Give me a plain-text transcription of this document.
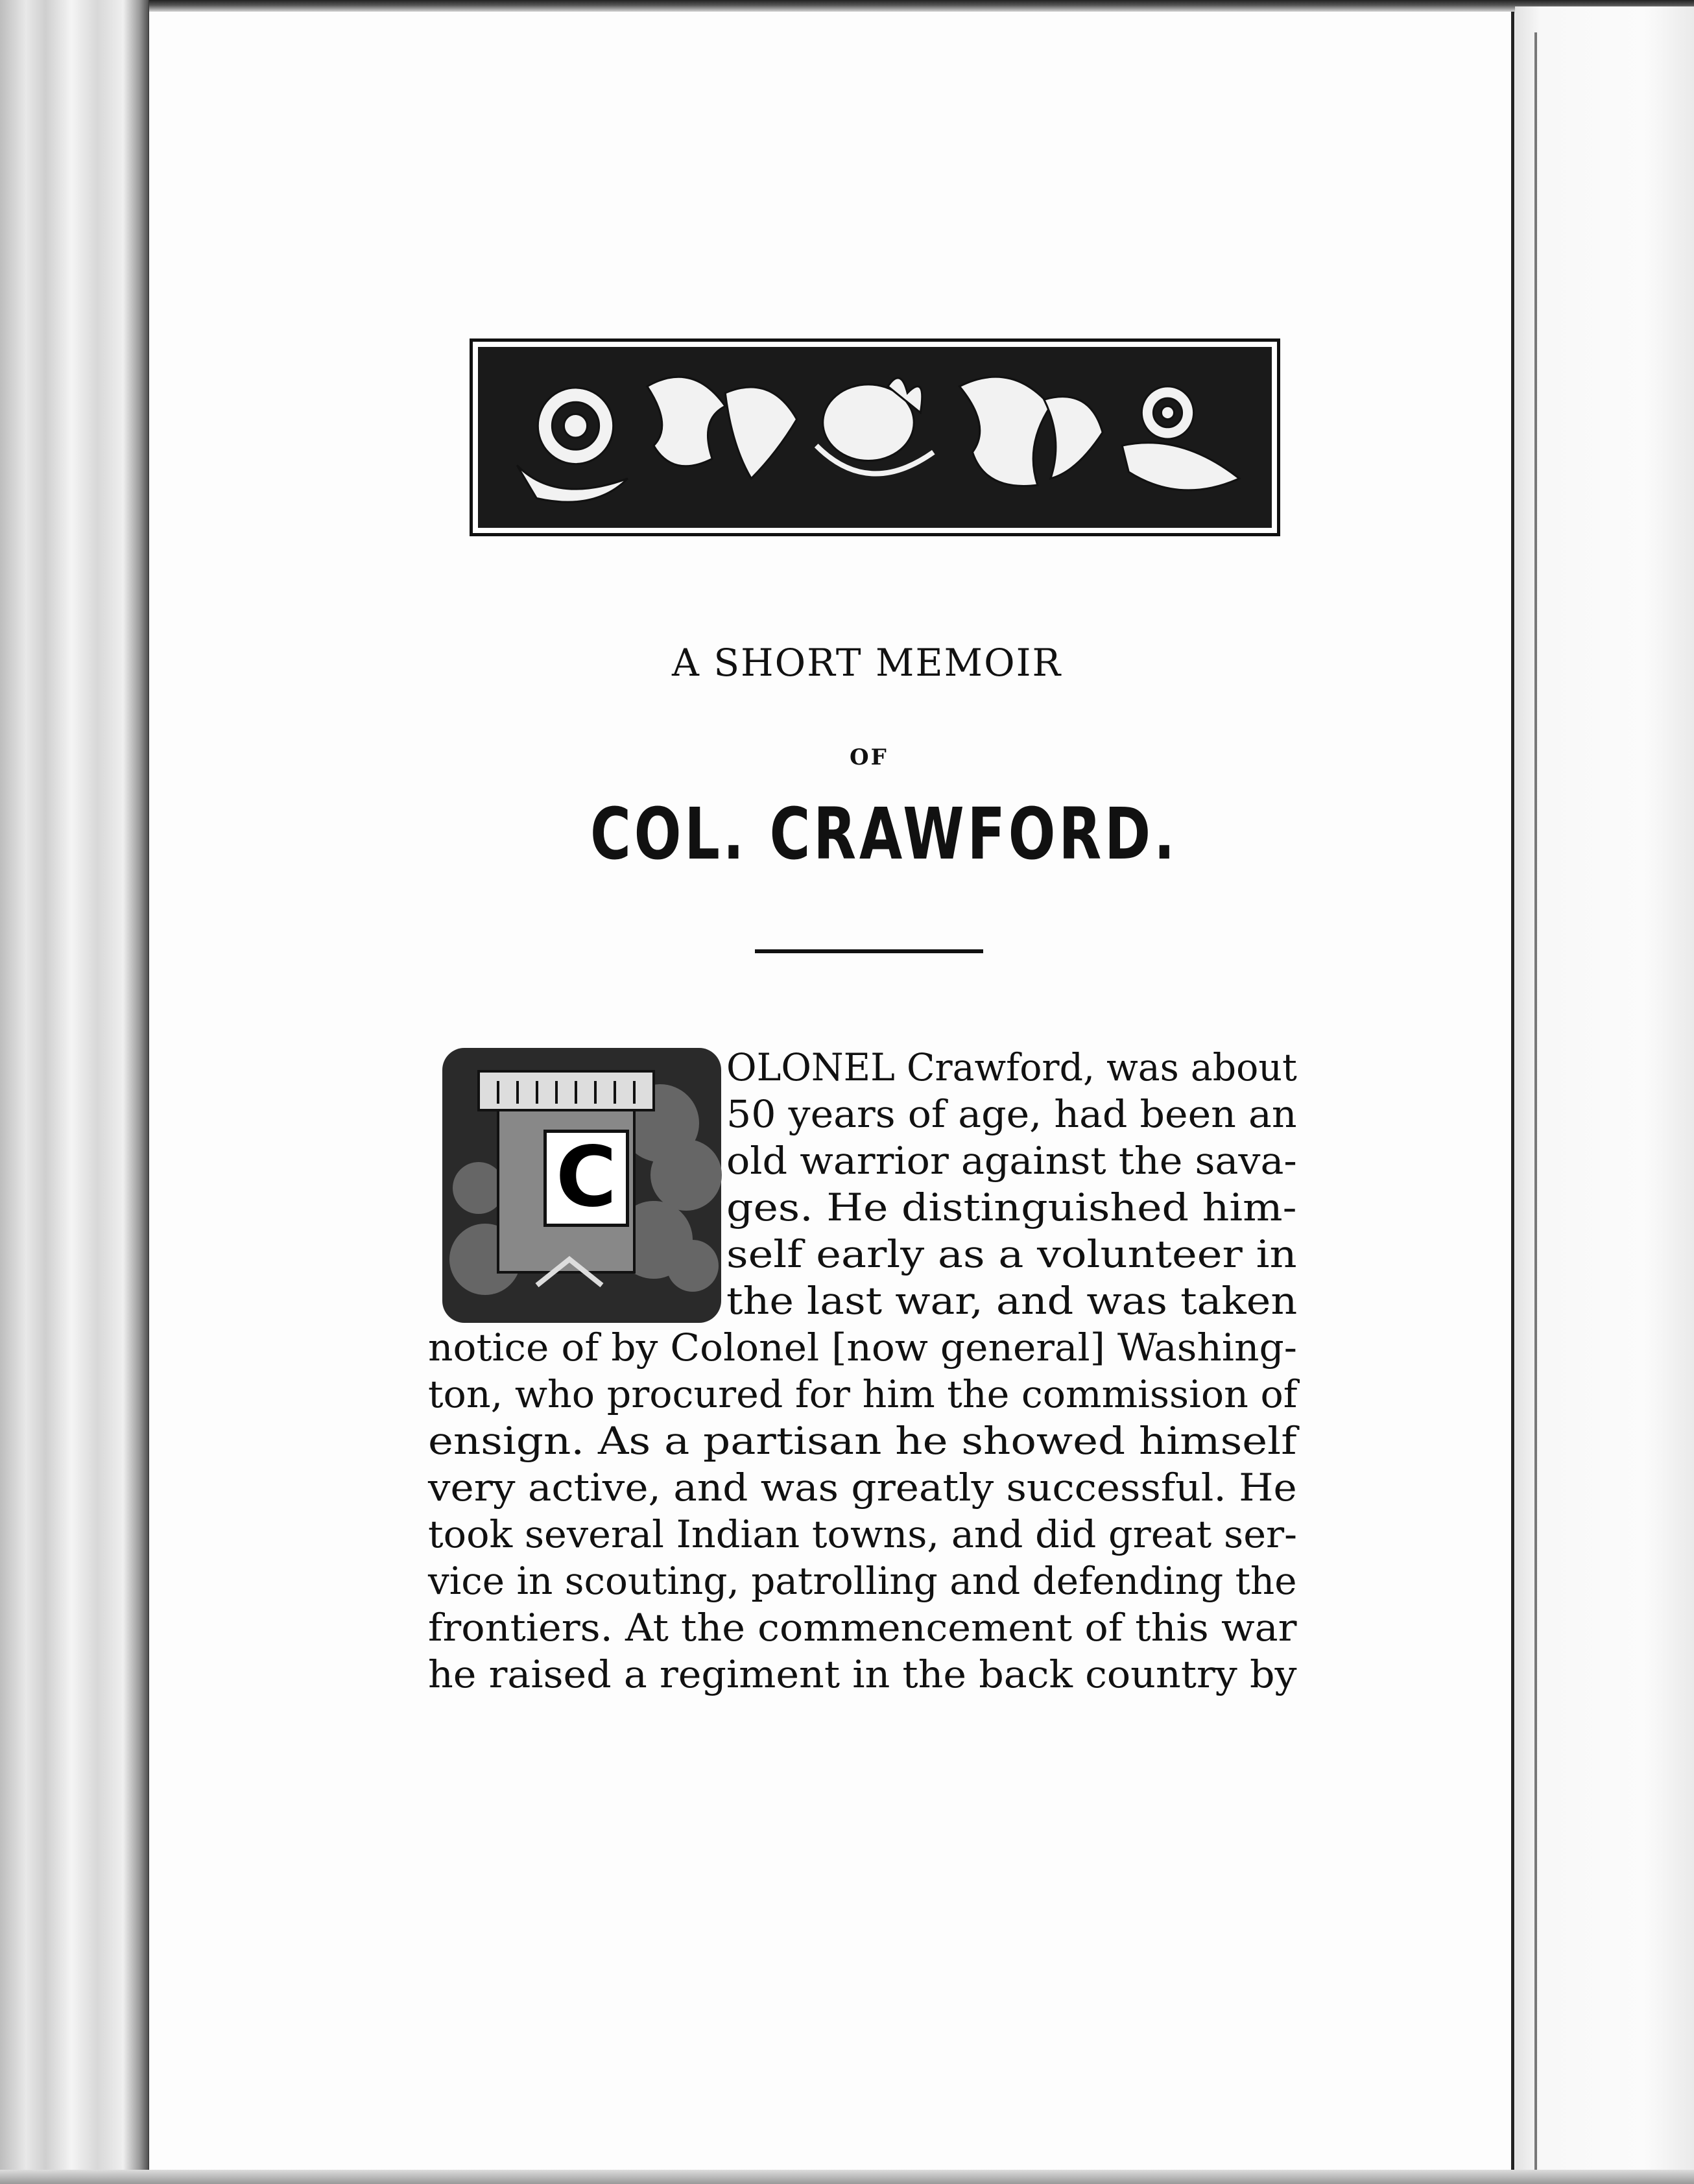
A SHORT MEMOIR
OF
COL. CRAWFORD.
C
OLONEL Crawford, was about
50 years of age, had been an
old warrior against the sava-
ges. He distinguished him-
self early as a volunteer in
the last war, and was taken
notice of by Colonel [now general] Washing-
ton, who procured for him the commission of
ensign. As a partisan he showed himself
very active, and was greatly successful. He
took several Indian towns, and did great ser-
vice in scouting, patrolling and defending the
frontiers. At the commencement of this war
he raised a regiment in the back country by
